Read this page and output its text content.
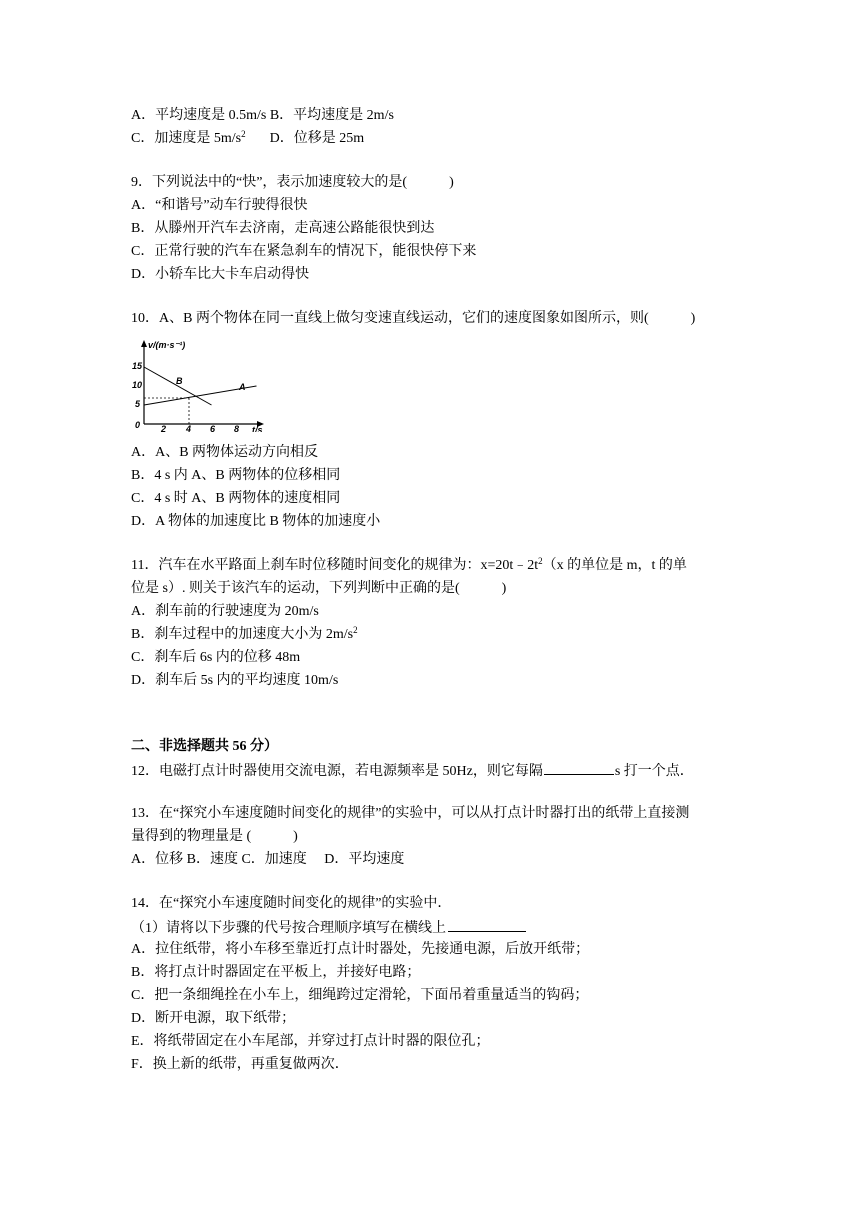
A．平均速度是 0.5m/s B．平均速度是 2m/s
C．加速度是 $5m/s^2$ D．位移是 25m
9．下列说法中的“快”，表示加速度较大的是(　　　)
A．“和谐号”动车行驶得很快
B．从滕州开汽车去济南，走高速公路能很快到达
C．正常行驶的汽车在紧急刹车的情况下，能很快停下来
D．小轿车比大卡车启动得快
10．A、B 两个物体在同一直线上做匀变速直线运动，它们的速度图象如图所示，则(　　　)
v/(m·s⁻¹)
t/s
15
10
5
0 2 4 6 8
A
B
A．A、B 两物体运动方向相反
B．4 s 内 A、B 两物体的位移相同
C．4 s 时 A、B 两物体的速度相同
D．A 物体的加速度比 B 物体的加速度小
11．汽车在水平路面上刹车时位移随时间变化的规律为：$x=20t﹣2t^2(x$ 的单位是 m，t 的单
位是 s）. 则关于该汽车的运动，下列判断中正确的是(　　　)
A．刹车前的行驶速度为 20m/s
B．刹车过程中的加速度大小为 $2m/s^2$
C．刹车后 6s 内的位移 48m
D．刹车后 5s 内的平均速度 10m/s
二、非选择题共 56 分）
12．电磁打点计时器使用交流电源，若电源频率是 50Hz，则它每隔	s 打一个点．
13．在“探究小车速度随时间变化的规律”的实验中，可以从打点计时器打出的纸带上直接测
量得到的物理量是 (　　　)
A．位移 B．速度 C．加速度　 D．平均速度
14．在“探究小车速度随时间变化的规律”的实验中．
（1）请将以下步骤的代号按合理顺序填写在横线上
A．拉住纸带，将小车移至靠近打点计时器处，先接通电源，后放开纸带；
B．将打点计时器固定在平板上，并接好电路；
C．把一条细绳拴在小车上，细绳跨过定滑轮，下面吊着重量适当的钩码；
D．断开电源，取下纸带；
E．将纸带固定在小车尾部，并穿过打点计时器的限位孔；
F．换上新的纸带，再重复做两次．
